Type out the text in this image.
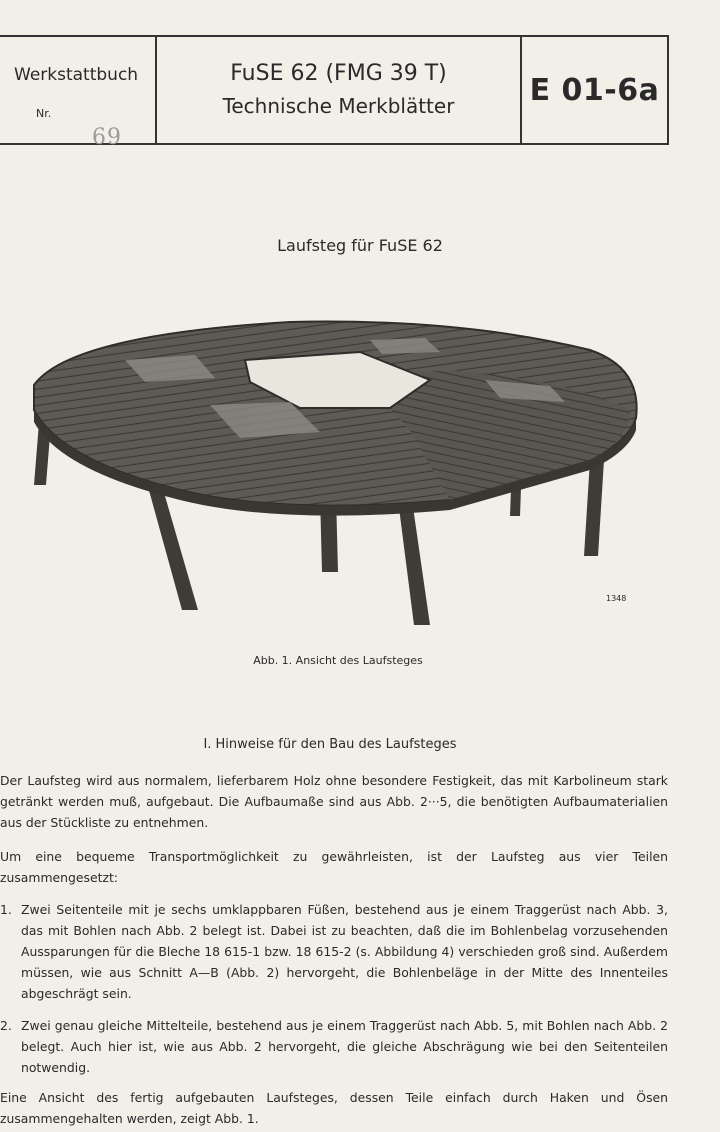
Werkstattbuch
Nr.
69
FuSE 62 (FMG 39 T)
Technische Merkblätter	E 01-6a
Laufsteg für FuSE 62
1348
Abb. 1. Ansicht des Laufsteges
I. Hinweise für den Bau des Laufsteges
Der Laufsteg wird aus normalem, lieferbarem Holz ohne besondere Festigkeit, das mit Karbolineum stark getränkt werden muß, aufgebaut. Die Aufbaumaße sind aus Abb. 2···5, die benötigten Aufbaumaterialien aus der Stückliste zu entnehmen.
Um eine bequeme Transportmöglichkeit zu gewährleisten, ist der Laufsteg aus vier Teilen zusammengesetzt:
1. Zwei Seitenteile mit je sechs umklappbaren Füßen, bestehend aus je einem Traggerüst nach Abb. 3, das mit Bohlen nach Abb. 2 belegt ist. Dabei ist zu beachten, daß die im Bohlenbelag vorzusehenden Aussparungen für die Bleche 18 615-1 bzw. 18 615-2 (s. Abbildung 4) verschieden groß sind. Außerdem müssen, wie aus Schnitt A—B (Abb. 2) hervorgeht, die Bohlenbeläge in der Mitte des Innenteiles abgeschrägt sein.
2. Zwei genau gleiche Mittelteile, bestehend aus je einem Traggerüst nach Abb. 5, mit Bohlen nach Abb. 2 belegt. Auch hier ist, wie aus Abb. 2 hervorgeht, die gleiche Abschrägung wie bei den Seitenteilen notwendig.
Eine Ansicht des fertig aufgebauten Laufsteges, dessen Teile einfach durch Haken und Ösen zusammengehalten werden, zeigt Abb. 1.
